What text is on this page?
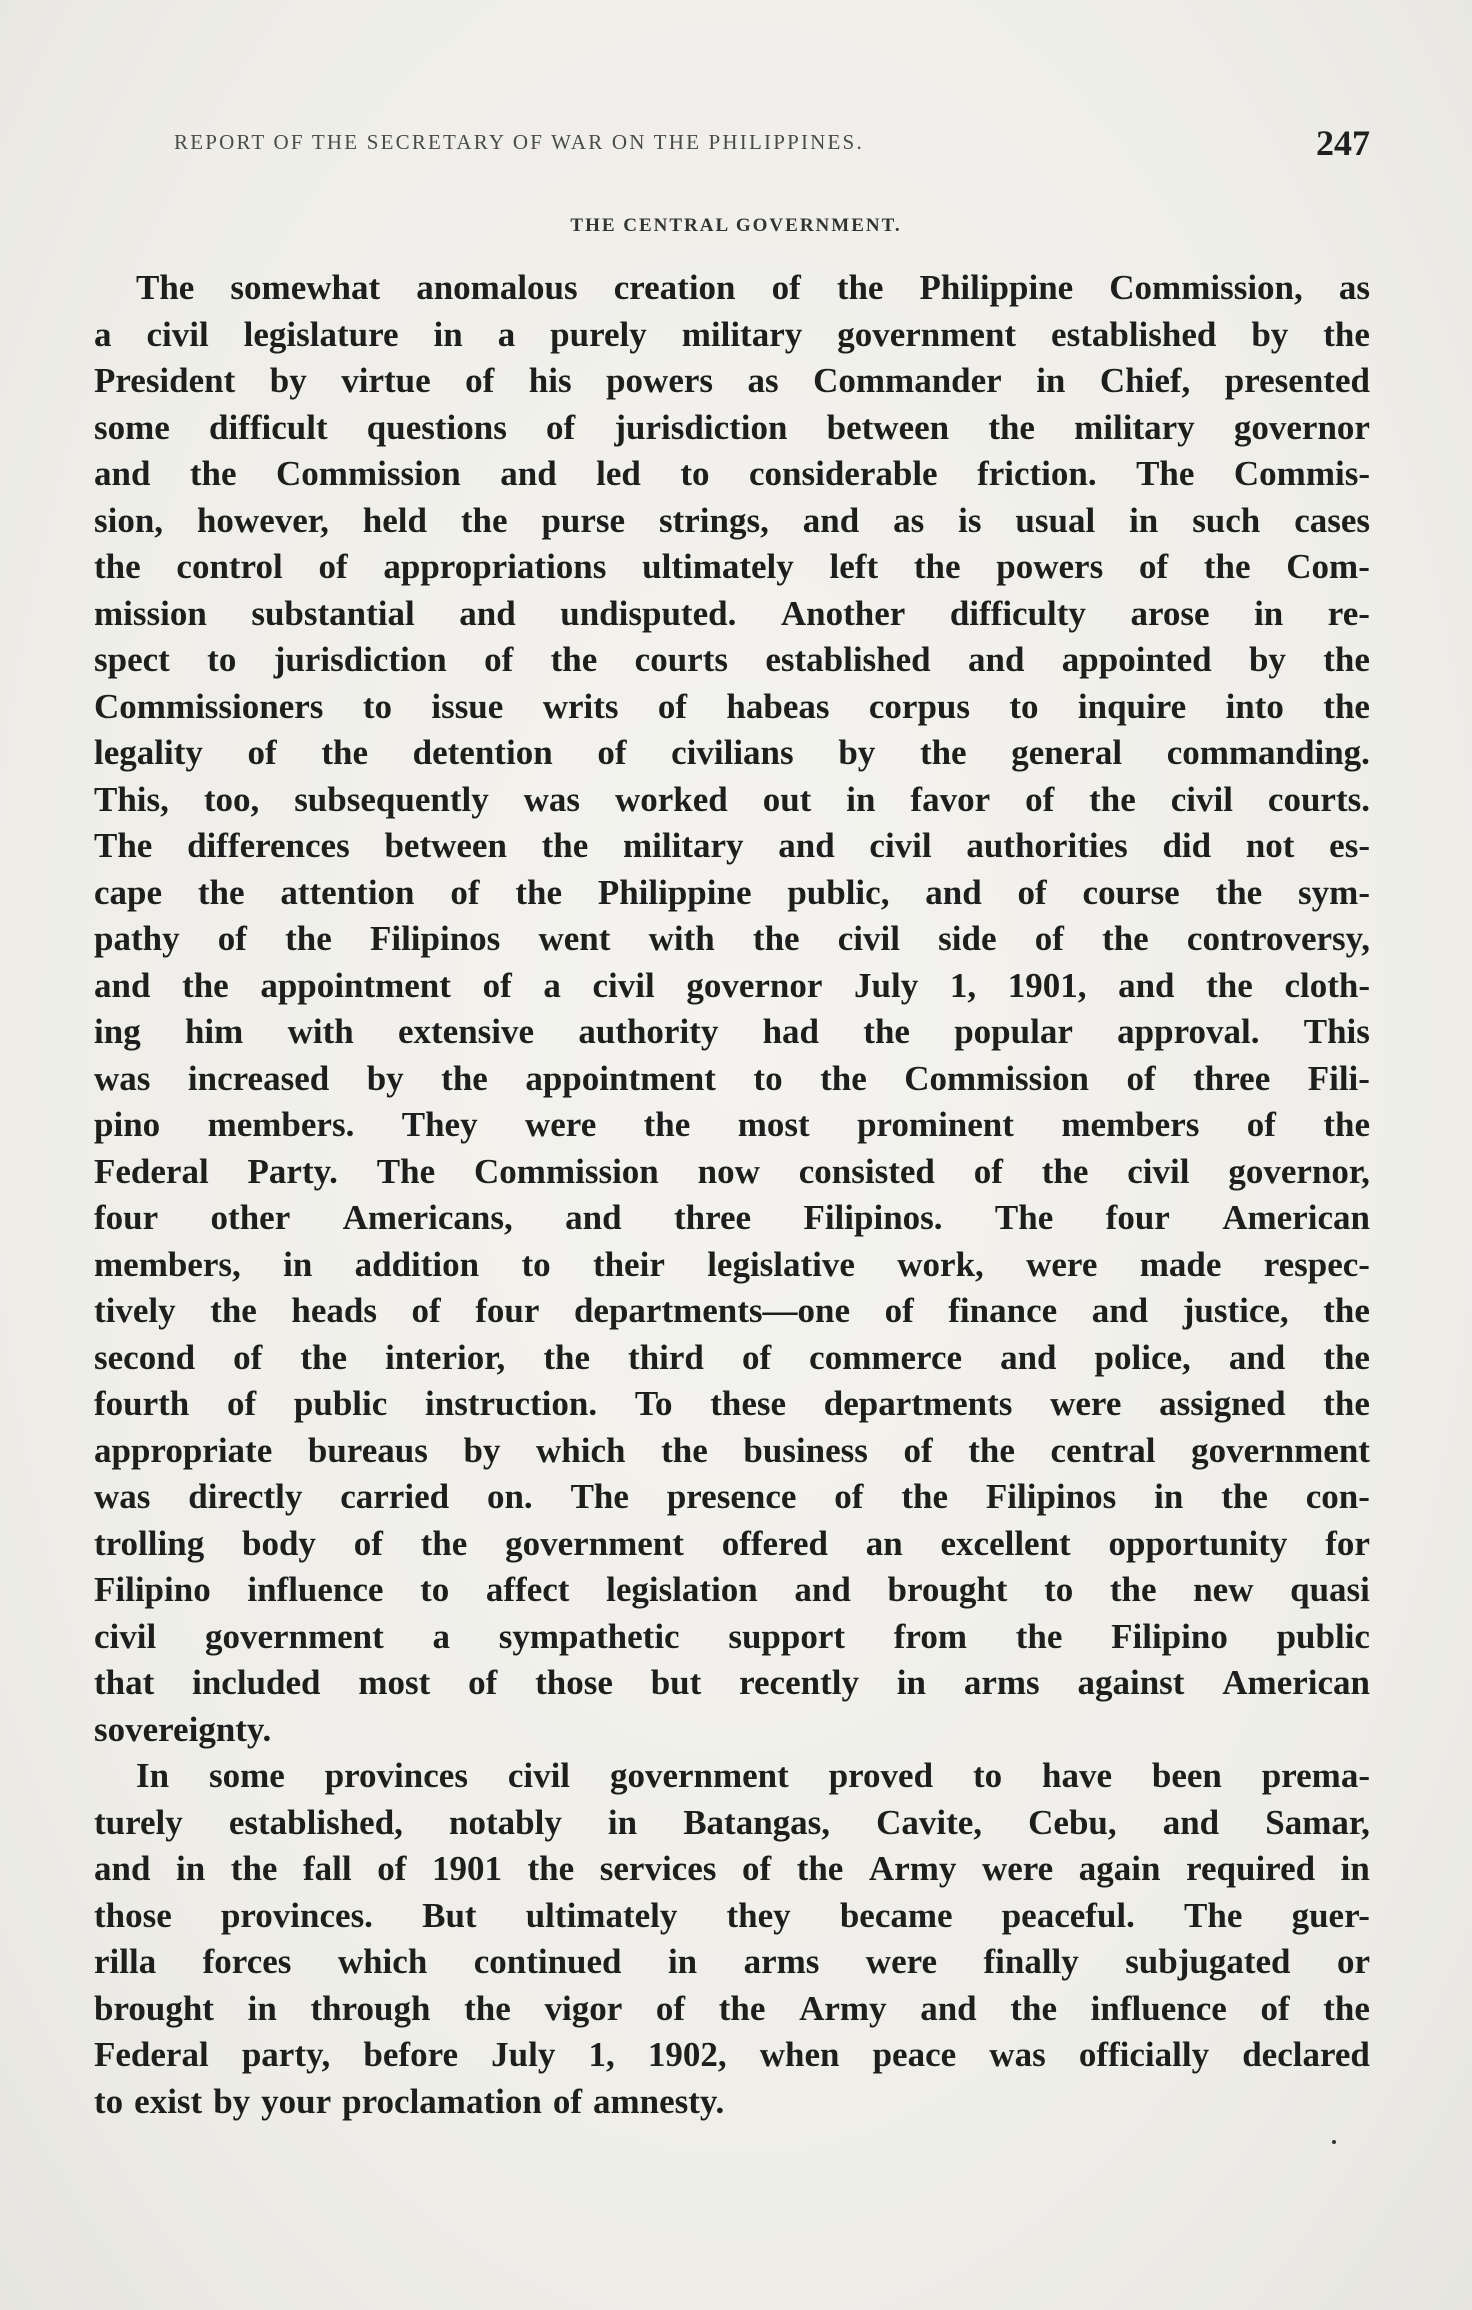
REPORT OF THE SECRETARY OF WAR ON THE PHILIPPINES.	247
THE CENTRAL GOVERNMENT.
The somewhat anomalous creation of the Philippine Commission, as
a civil legislature in a purely military government established by the
President by virtue of his powers as Commander in Chief, presented
some difficult questions of jurisdiction between the military governor
and the Commission and led to considerable friction. The Commis-
sion, however, held the purse strings, and as is usual in such cases
the control of appropriations ultimately left the powers of the Com-
mission substantial and undisputed. Another difficulty arose in re-
spect to jurisdiction of the courts established and appointed by the
Commissioners to issue writs of habeas corpus to inquire into the
legality of the detention of civilians by the general commanding.
This, too, subsequently was worked out in favor of the civil courts.
The differences between the military and civil authorities did not es-
cape the attention of the Philippine public, and of course the sym-
pathy of the Filipinos went with the civil side of the controversy,
and the appointment of a civil governor July 1, 1901, and the cloth-
ing him with extensive authority had the popular approval. This
was increased by the appointment to the Commission of three Fili-
pino members. They were the most prominent members of the
Federal Party. The Commission now consisted of the civil governor,
four other Americans, and three Filipinos. The four American
members, in addition to their legislative work, were made respec-
tively the heads of four departments—one of finance and justice, the
second of the interior, the third of commerce and police, and the
fourth of public instruction. To these departments were assigned the
appropriate bureaus by which the business of the central government
was directly carried on. The presence of the Filipinos in the con-
trolling body of the government offered an excellent opportunity for
Filipino influence to affect legislation and brought to the new quasi
civil government a sympathetic support from the Filipino public
that included most of those but recently in arms against American
sovereignty.
In some provinces civil government proved to have been prema-
turely established, notably in Batangas, Cavite, Cebu, and Samar,
and in the fall of 1901 the services of the Army were again required in
those provinces. But ultimately they became peaceful. The guer-
rilla forces which continued in arms were finally subjugated or
brought in through the vigor of the Army and the influence of the
Federal party, before July 1, 1902, when peace was officially declared
to exist by your proclamation of amnesty.
